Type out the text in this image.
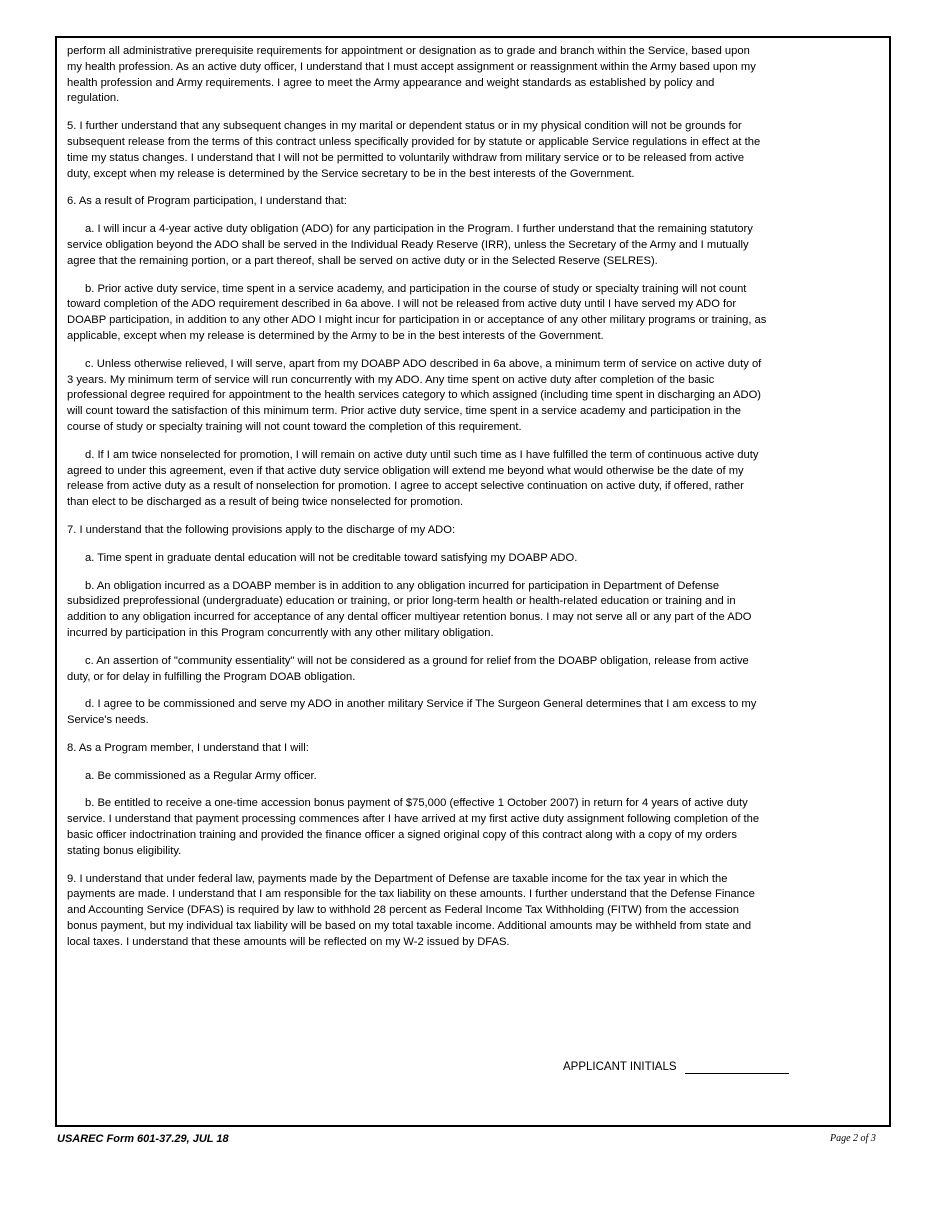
perform all administrative prerequisite requirements for appointment or designation as to grade and branch within the Service, based upon my health profession. As an active duty officer, I understand that I must accept assignment or reassignment within the Army based upon my health profession and Army requirements. I agree to meet the Army appearance and weight standards as established by policy and regulation.

5. I further understand that any subsequent changes in my marital or dependent status or in my physical condition will not be grounds for subsequent release from the terms of this contract unless specifically provided for by statute or applicable Service regulations in effect at the time my status changes. I understand that I will not be permitted to voluntarily withdraw from military service or to be released from active duty, except when my release is determined by the Service secretary to be in the best interests of the Government.

6. As a result of Program participation, I understand that:

a. I will incur a 4-year active duty obligation (ADO) for any participation in the Program. I further understand that the remaining statutory service obligation beyond the ADO shall be served in the Individual Ready Reserve (IRR), unless the Secretary of the Army and I mutually agree that the remaining portion, or a part thereof, shall be served on active duty or in the Selected Reserve (SELRES).

b. Prior active duty service, time spent in a service academy, and participation in the course of study or specialty training will not count toward completion of the ADO requirement described in 6a above. I will not be released from active duty until I have served my ADO for DOABP participation, in addition to any other ADO I might incur for participation in or acceptance of any other military programs or training, as applicable, except when my release is determined by the Army to be in the best interests of the Government.

c. Unless otherwise relieved, I will serve, apart from my DOABP ADO described in 6a above, a minimum term of service on active duty of 3 years. My minimum term of service will run concurrently with my ADO. Any time spent on active duty after completion of the basic professional degree required for appointment to the health services category to which assigned (including time spent in discharging an ADO) will count toward the satisfaction of this minimum term. Prior active duty service, time spent in a service academy and participation in the course of study or specialty training will not count toward the completion of this requirement.

d. If I am twice nonselected for promotion, I will remain on active duty until such time as I have fulfilled the term of continuous active duty agreed to under this agreement, even if that active duty service obligation will extend me beyond what would otherwise be the date of my release from active duty as a result of nonselection for promotion. I agree to accept selective continuation on active duty, if offered, rather than elect to be discharged as a result of being twice nonselected for promotion.

7. I understand that the following provisions apply to the discharge of my ADO:

a. Time spent in graduate dental education will not be creditable toward satisfying my DOABP ADO.

b. An obligation incurred as a DOABP member is in addition to any obligation incurred for participation in Department of Defense subsidized preprofessional (undergraduate) education or training, or prior long-term health or health-related education or training and in addition to any obligation incurred for acceptance of any dental officer multiyear retention bonus. I may not serve all or any part of the ADO incurred by participation in this Program concurrently with any other military obligation.

c. An assertion of "community essentiality" will not be considered as a ground for relief from the DOABP obligation, release from active duty, or for delay in fulfilling the Program DOAB obligation.

d. I agree to be commissioned and serve my ADO in another military Service if The Surgeon General determines that I am excess to my Service's needs.

8. As a Program member, I understand that I will:

a. Be commissioned as a Regular Army officer.

b. Be entitled to receive a one-time accession bonus payment of $75,000 (effective 1 October 2007) in return for 4 years of active duty service. I understand that payment processing commences after I have arrived at my first active duty assignment following completion of the basic officer indoctrination training and provided the finance officer a signed original copy of this contract along with a copy of my orders stating bonus eligibility.

9. I understand that under federal law, payments made by the Department of Defense are taxable income for the tax year in which the payments are made. I understand that I am responsible for the tax liability on these amounts. I further understand that the Defense Finance and Accounting Service (DFAS) is required by law to withhold 28 percent as Federal Income Tax Withholding (FITW) from the accession bonus payment, but my individual tax liability will be based on my total taxable income. Additional amounts may be withheld from state and local taxes. I understand that these amounts will be reflected on my W-2 issued by DFAS.

APPLICANT INITIALS
USAREC Form 601-37.29, JUL 18	Page 2 of 3
